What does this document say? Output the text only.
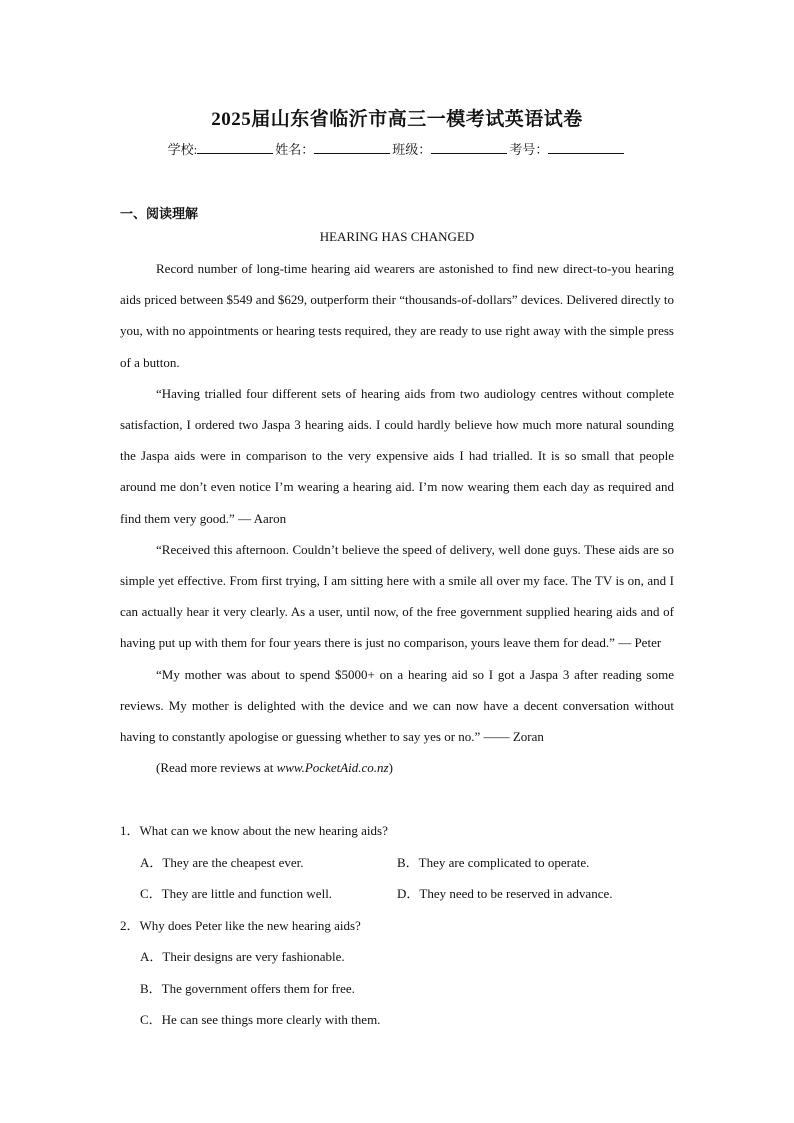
2025届山东省临沂市高三一模考试英语试卷
学校:	姓名：	班级：	考号：
一、阅读理解
HEARING HAS CHANGED

Record number of long-time hearing aid wearers are astonished to find new direct-to-you hearing aids priced between $549 and $629, outperform their “thousands-of-dollars” devices. Delivered directly to you, with no appointments or hearing tests required, they are ready to use right away with the simple press of a button.

“Having trialled four different sets of hearing aids from two audiology centres without complete satisfaction, I ordered two Jaspa 3 hearing aids. I could hardly believe how much more natural sounding the Jaspa aids were in comparison to the very expensive aids I had trialled. It is so small that people around me don’t even notice I’m wearing a hearing aid. I’m now wearing them each day as required and find them very good.” — Aaron

“Received this afternoon. Couldn’t believe the speed of delivery, well done guys. These aids are so simple yet effective. From first trying, I am sitting here with a smile all over my face. The TV is on, and I can actually hear it very clearly. As a user, until now, of the free government supplied hearing aids and of having put up with them for four years there is just no comparison, yours leave them for dead.” — Peter

“My mother was about to spend $5000+ on a hearing aid so I got a Jaspa 3 after reading some reviews. My mother is delighted with the device and we can now have a decent conversation without having to constantly apologise or guessing whether to say yes or no.” —— Zoran

(Read more reviews at www.PocketAid.co.nz)

1．What can we know about the new hearing aids?

A．They are the cheapest ever.	B．They are complicated to operate.
C．They are little and function well.	D．They need to be reserved in advance.

2．Why does Peter like the new hearing aids?

A．Their designs are very fashionable.
B．The government offers them for free.
C．He can see things more clearly with them.
